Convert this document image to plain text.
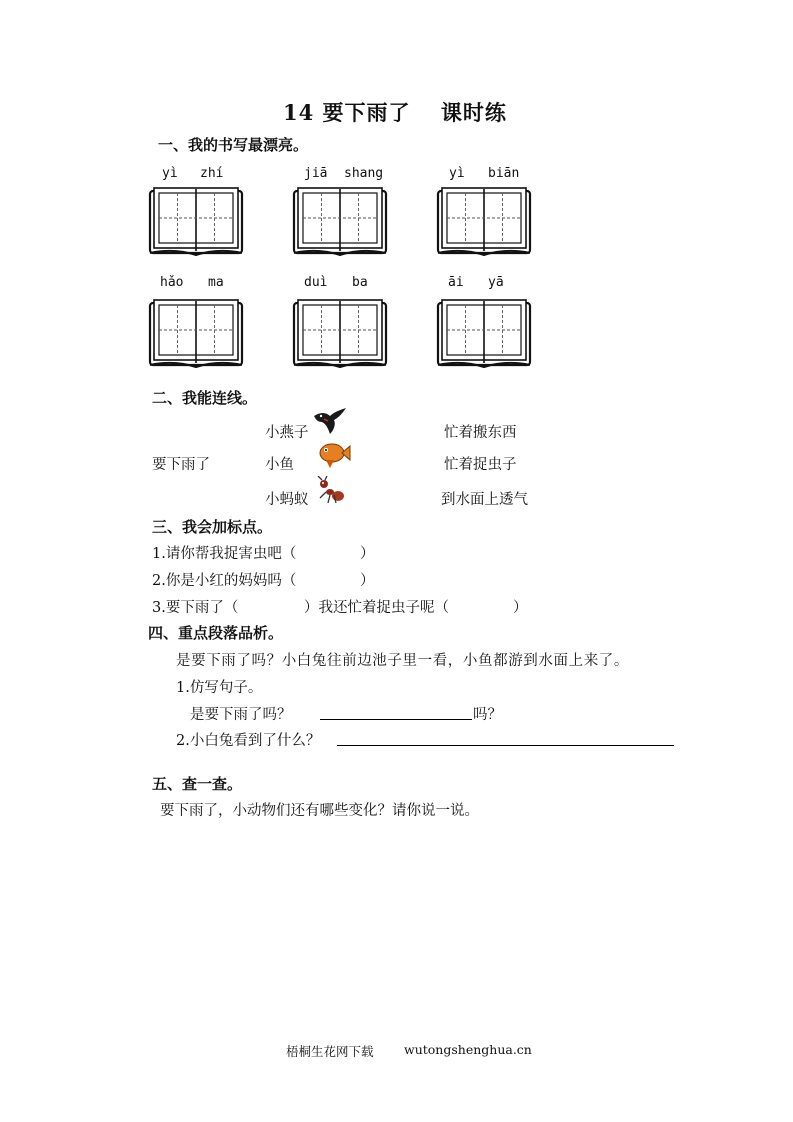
14 要下雨了　 课时练
一、我的书写最漂亮。
yì zhí	jiā shang	yì biān
hǎo ma	duì ba	āi yā
二、我能连线。
要下雨了
小燕子
小鱼
小蚂蚁
忙着搬东西
忙着捉虫子
到水面上透气
三、我会加标点。
1.请你帮我捉害虫吧（	）
2.你是小红的妈妈吗（	）
3.要下雨了（	）我还忙着捉虫子呢（	）
四、重点段落品析。
是要下雨了吗？小白兔往前边池子里一看，小鱼都游到水面上来了。
1.仿写句子。
是要下雨了吗？	吗？
2.小白兔看到了什么？
五、查一查。
要下雨了，小动物们还有哪些变化？请你说一说。
梧桐生花网下载 wutongshenghua.cn
